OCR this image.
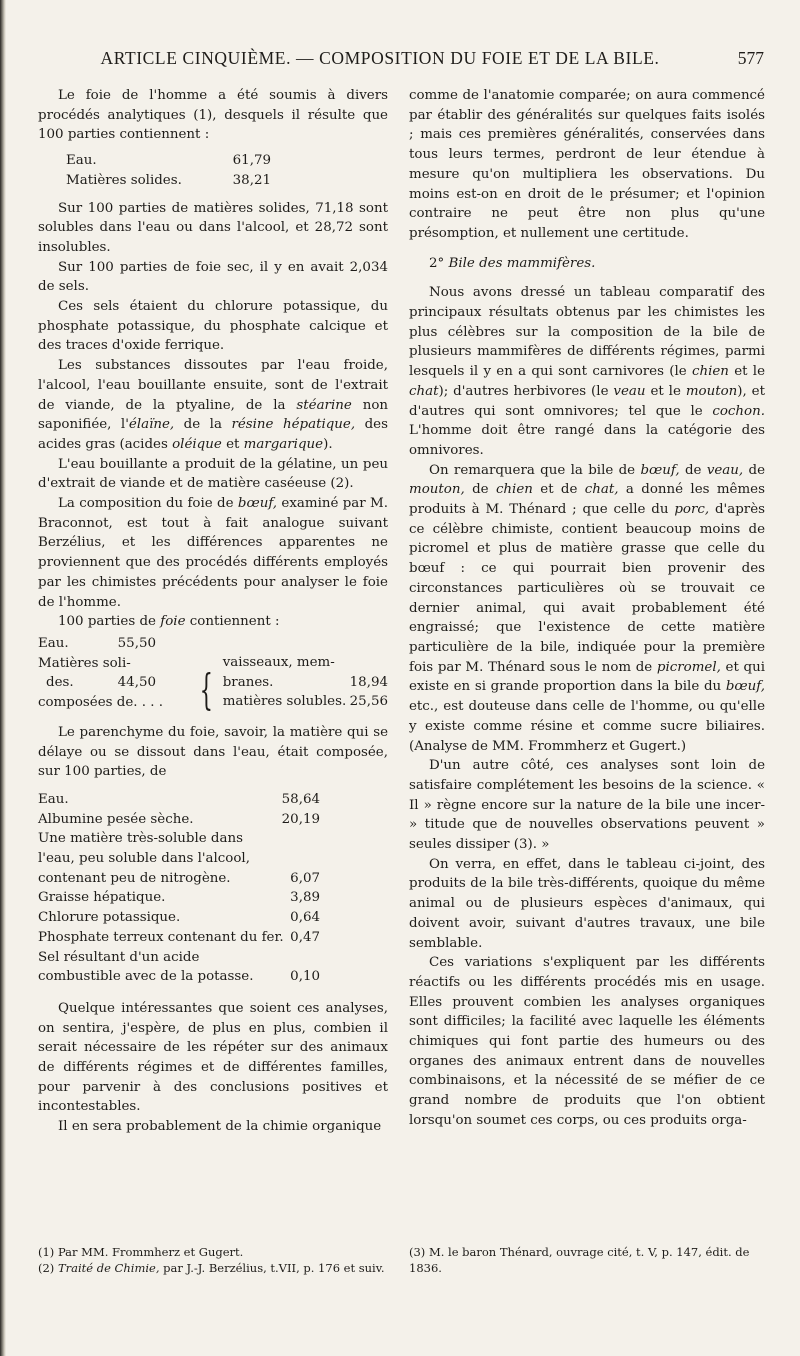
ARTICLE CINQUIÈME. — COMPOSITION DU FOIE ET DE LA BILE.	577

Le foie de l'homme a été soumis à divers procédés analytiques (1), desquels il résulte que 100 parties contiennent :

Eau.	61,79
Matières solides.	38,21

Sur 100 parties de matières solides, 71,18 sont solubles dans l'eau ou dans l'alcool, et 28,72 sont insolubles.

Sur 100 parties de foie sec, il y en avait 2,034 de sels.

Ces sels étaient du chlorure potassique, du phosphate potassique, du phosphate calcique et des traces d'oxide ferrique.

Les substances dissoutes par l'eau froide, l'alcool, l'eau bouillante ensuite, sont de l'extrait de viande, de la ptyaline, de la stéarine non saponifiée, l'élaïne, de la résine hépatique, des acides gras (acides oléique et margarique).

L'eau bouillante a produit de la gélatine, un peu d'extrait de viande et de matière caséeuse (2).

La composition du foie de bœuf, examiné par M. Braconnot, est tout à fait analogue suivant Berzélius, et les différences apparentes ne proviennent que des procédés différents employés par les chimistes précédents pour analyser le foie de l'homme.

100 parties de foie contiennent :

Eau.	55,50
Matières soli-
des.	44,50
composées de. . . . {
vaisseaux, mem-
branes.	18,94
matières solubles. 25,56

Le parenchyme du foie, savoir, la matière qui se délaye ou se dissout dans l'eau, était composée, sur 100 parties, de

Eau.	58,64
Albumine pesée sèche.	20,19
Une matière très-soluble dans l'eau, peu soluble dans l'alcool, contenant peu de nitrogène.	6,07
Graisse hépatique.	3,89
Chlorure potassique.	0,64
Phosphate terreux contenant du fer. 0,47
Sel résultant d'un acide combustible avec de la potasse.	0,10

Quelque intéressantes que soient ces analyses, on sentira, j'espère, de plus en plus, combien il serait nécessaire de les répéter sur des animaux de différents régimes et de différentes familles, pour parvenir à des conclusions positives et incontestables.

Il en sera probablement de la chimie organique

comme de l'anatomie comparée; on aura commencé par établir des généralités sur quelques faits isolés ; mais ces premières généralités, conservées dans tous leurs termes, perdront de leur étendue à mesure qu'on multipliera les observations. Du moins est-on en droit de le présumer; et l'opinion contraire ne peut être non plus qu'une présomption, et nullement une certitude.

2° Bile des mammifères.

Nous avons dressé un tableau comparatif des principaux résultats obtenus par les chimistes les plus célèbres sur la composition de la bile de plusieurs mammifères de différents régimes, parmi lesquels il y en a qui sont carnivores (le chien et le chat); d'autres herbivores (le veau et le mouton), et d'autres qui sont omnivores; tel que le cochon. L'homme doit être rangé dans la catégorie des omnivores.

On remarquera que la bile de bœuf, de veau, de mouton, de chien et de chat, a donné les mêmes produits à M. Thénard ; que celle du porc, d'après ce célèbre chimiste, contient beaucoup moins de picromel et plus de matière grasse que celle du bœuf : ce qui pourrait bien provenir des circonstances particulières où se trouvait ce dernier animal, qui avait probablement été engraissé; que l'existence de cette matière particulière de la bile, indiquée pour la première fois par M. Thénard sous le nom de picromel, et qui existe en si grande proportion dans la bile du bœuf, etc., est douteuse dans celle de l'homme, ou qu'elle y existe comme résine et comme sucre biliaires. (Analyse de MM. Frommherz et Gugert.)

D'un autre côté, ces analyses sont loin de satisfaire complétement les besoins de la science. « Il » règne encore sur la nature de la bile une incer- » titude que de nouvelles observations peuvent » seules dissiper (3). »

On verra, en effet, dans le tableau ci-joint, des produits de la bile très-différents, quoique du même animal ou de plusieurs espèces d'animaux, qui doivent avoir, suivant d'autres travaux, une bile semblable.

Ces variations s'expliquent par les différents réactifs ou les différents procédés mis en usage. Elles prouvent combien les analyses organiques sont difficiles; la facilité avec laquelle les éléments chimiques qui font partie des humeurs ou des organes des animaux entrent dans de nouvelles combinaisons, et la nécessité de se méfier de ce grand nombre de produits que l'on obtient lorsqu'on soumet ces corps, ou ces produits orga-

(1) Par MM. Frommherz et Gugert.
(2) Traité de Chimie, par J.-J. Berzélius, t.VII, p. 176 et suiv.
(3) M. le baron Thénard, ouvrage cité, t. V, p. 147, édit. de 1836.
